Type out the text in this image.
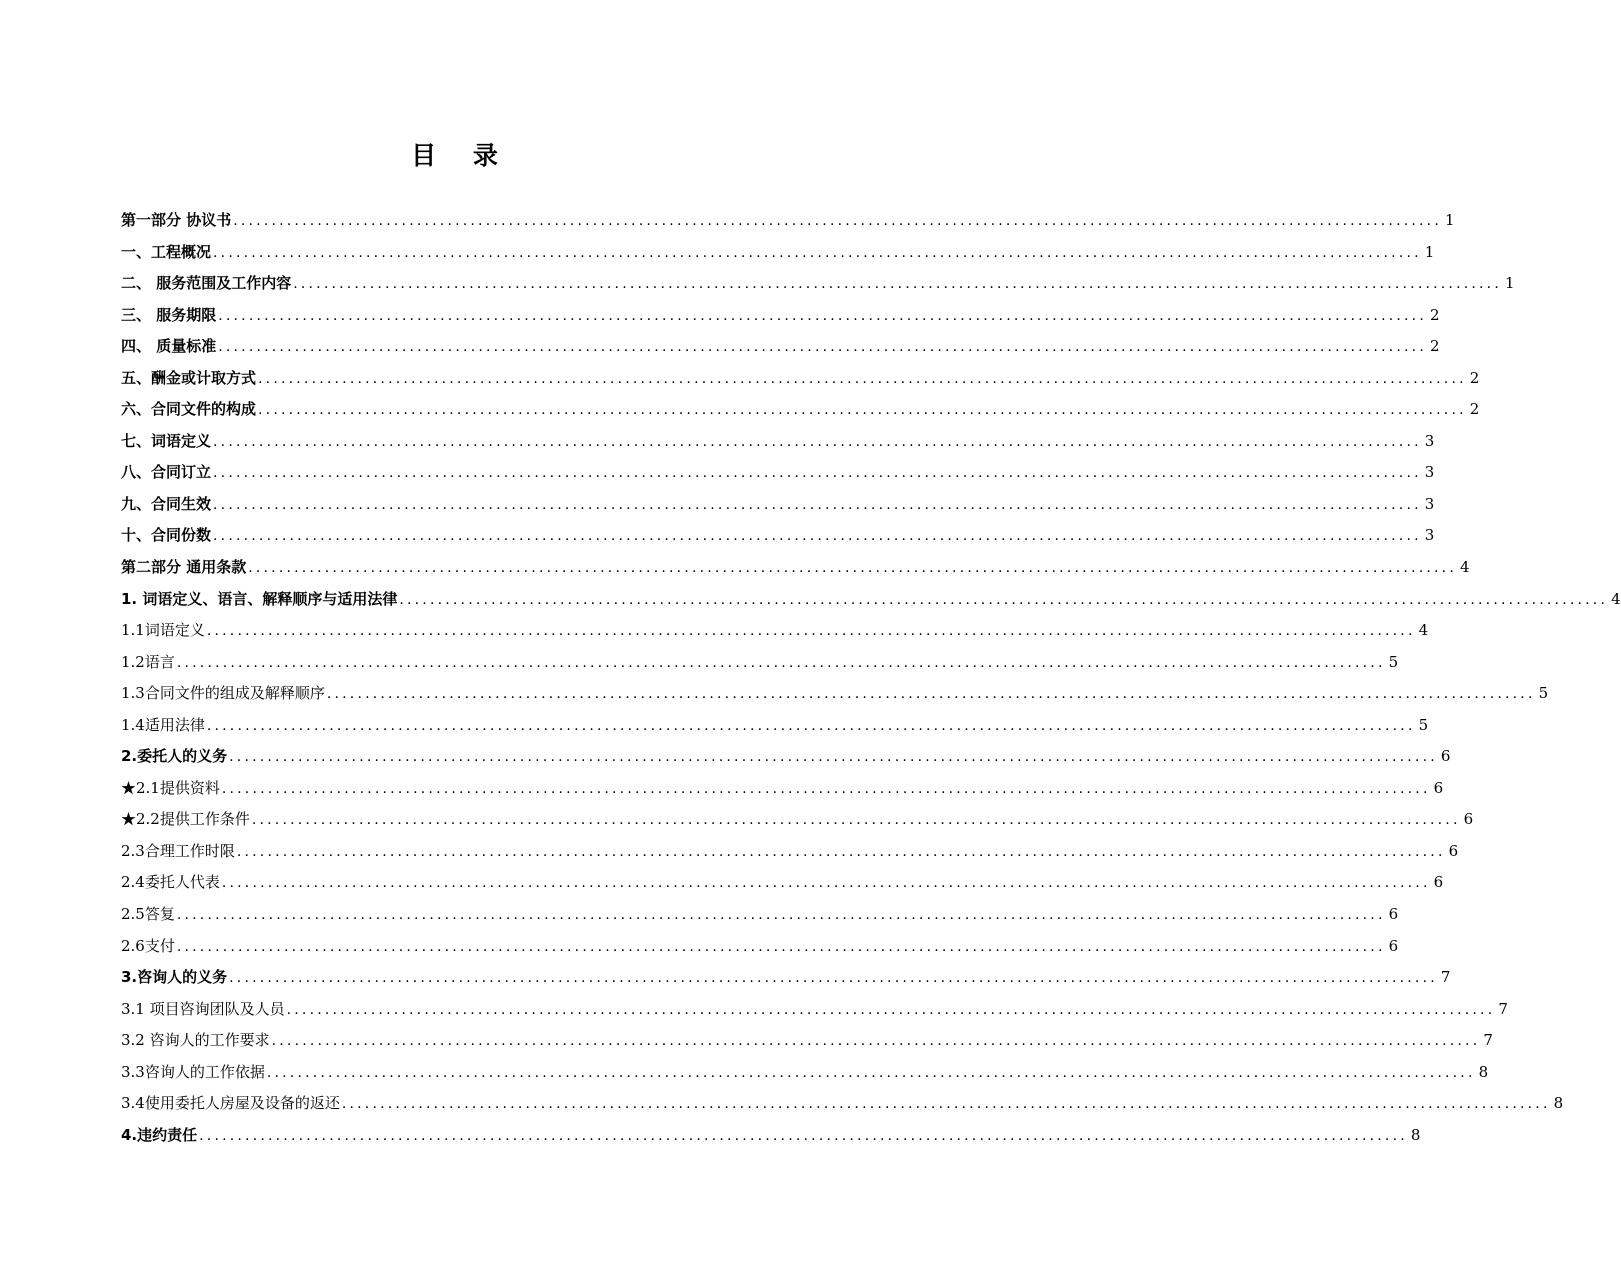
目 录
第一部分 协议书 .............................................................................................................................................................. 1
一、工程概况 .............................................................................................................................................................. 1
二、 服务范围及工作内容 .............................................................................................................................................................. 1
三、 服务期限 .............................................................................................................................................................. 2
四、 质量标准 .............................................................................................................................................................. 2
五、酬金或计取方式 .............................................................................................................................................................. 2
六、合同文件的构成 .............................................................................................................................................................. 2
七、词语定义 .............................................................................................................................................................. 3
八、合同订立 .............................................................................................................................................................. 3
九、合同生效 .............................................................................................................................................................. 3
十、合同份数 .............................................................................................................................................................. 3
第二部分 通用条款 .............................................................................................................................................................. 4
1. 词语定义、语言、解释顺序与适用法律 .............................................................................................................................................................. 4
1.1词语定义 .............................................................................................................................................................. 4
1.2语言 .............................................................................................................................................................. 5
1.3合同文件的组成及解释顺序 .............................................................................................................................................................. 5
1.4适用法律 .............................................................................................................................................................. 5
2.委托人的义务 .............................................................................................................................................................. 6
★2.1提供资料 .............................................................................................................................................................. 6
★2.2提供工作条件 .............................................................................................................................................................. 6
2.3合理工作时限 .............................................................................................................................................................. 6
2.4委托人代表 .............................................................................................................................................................. 6
2.5答复 .............................................................................................................................................................. 6
2.6支付 .............................................................................................................................................................. 6
3.咨询人的义务 .............................................................................................................................................................. 7
3.1 项目咨询团队及人员 .............................................................................................................................................................. 7
3.2 咨询人的工作要求 .............................................................................................................................................................. 7
3.3咨询人的工作依据 .............................................................................................................................................................. 8
3.4使用委托人房屋及设备的返还 .............................................................................................................................................................. 8
4.违约责任 .............................................................................................................................................................. 8
